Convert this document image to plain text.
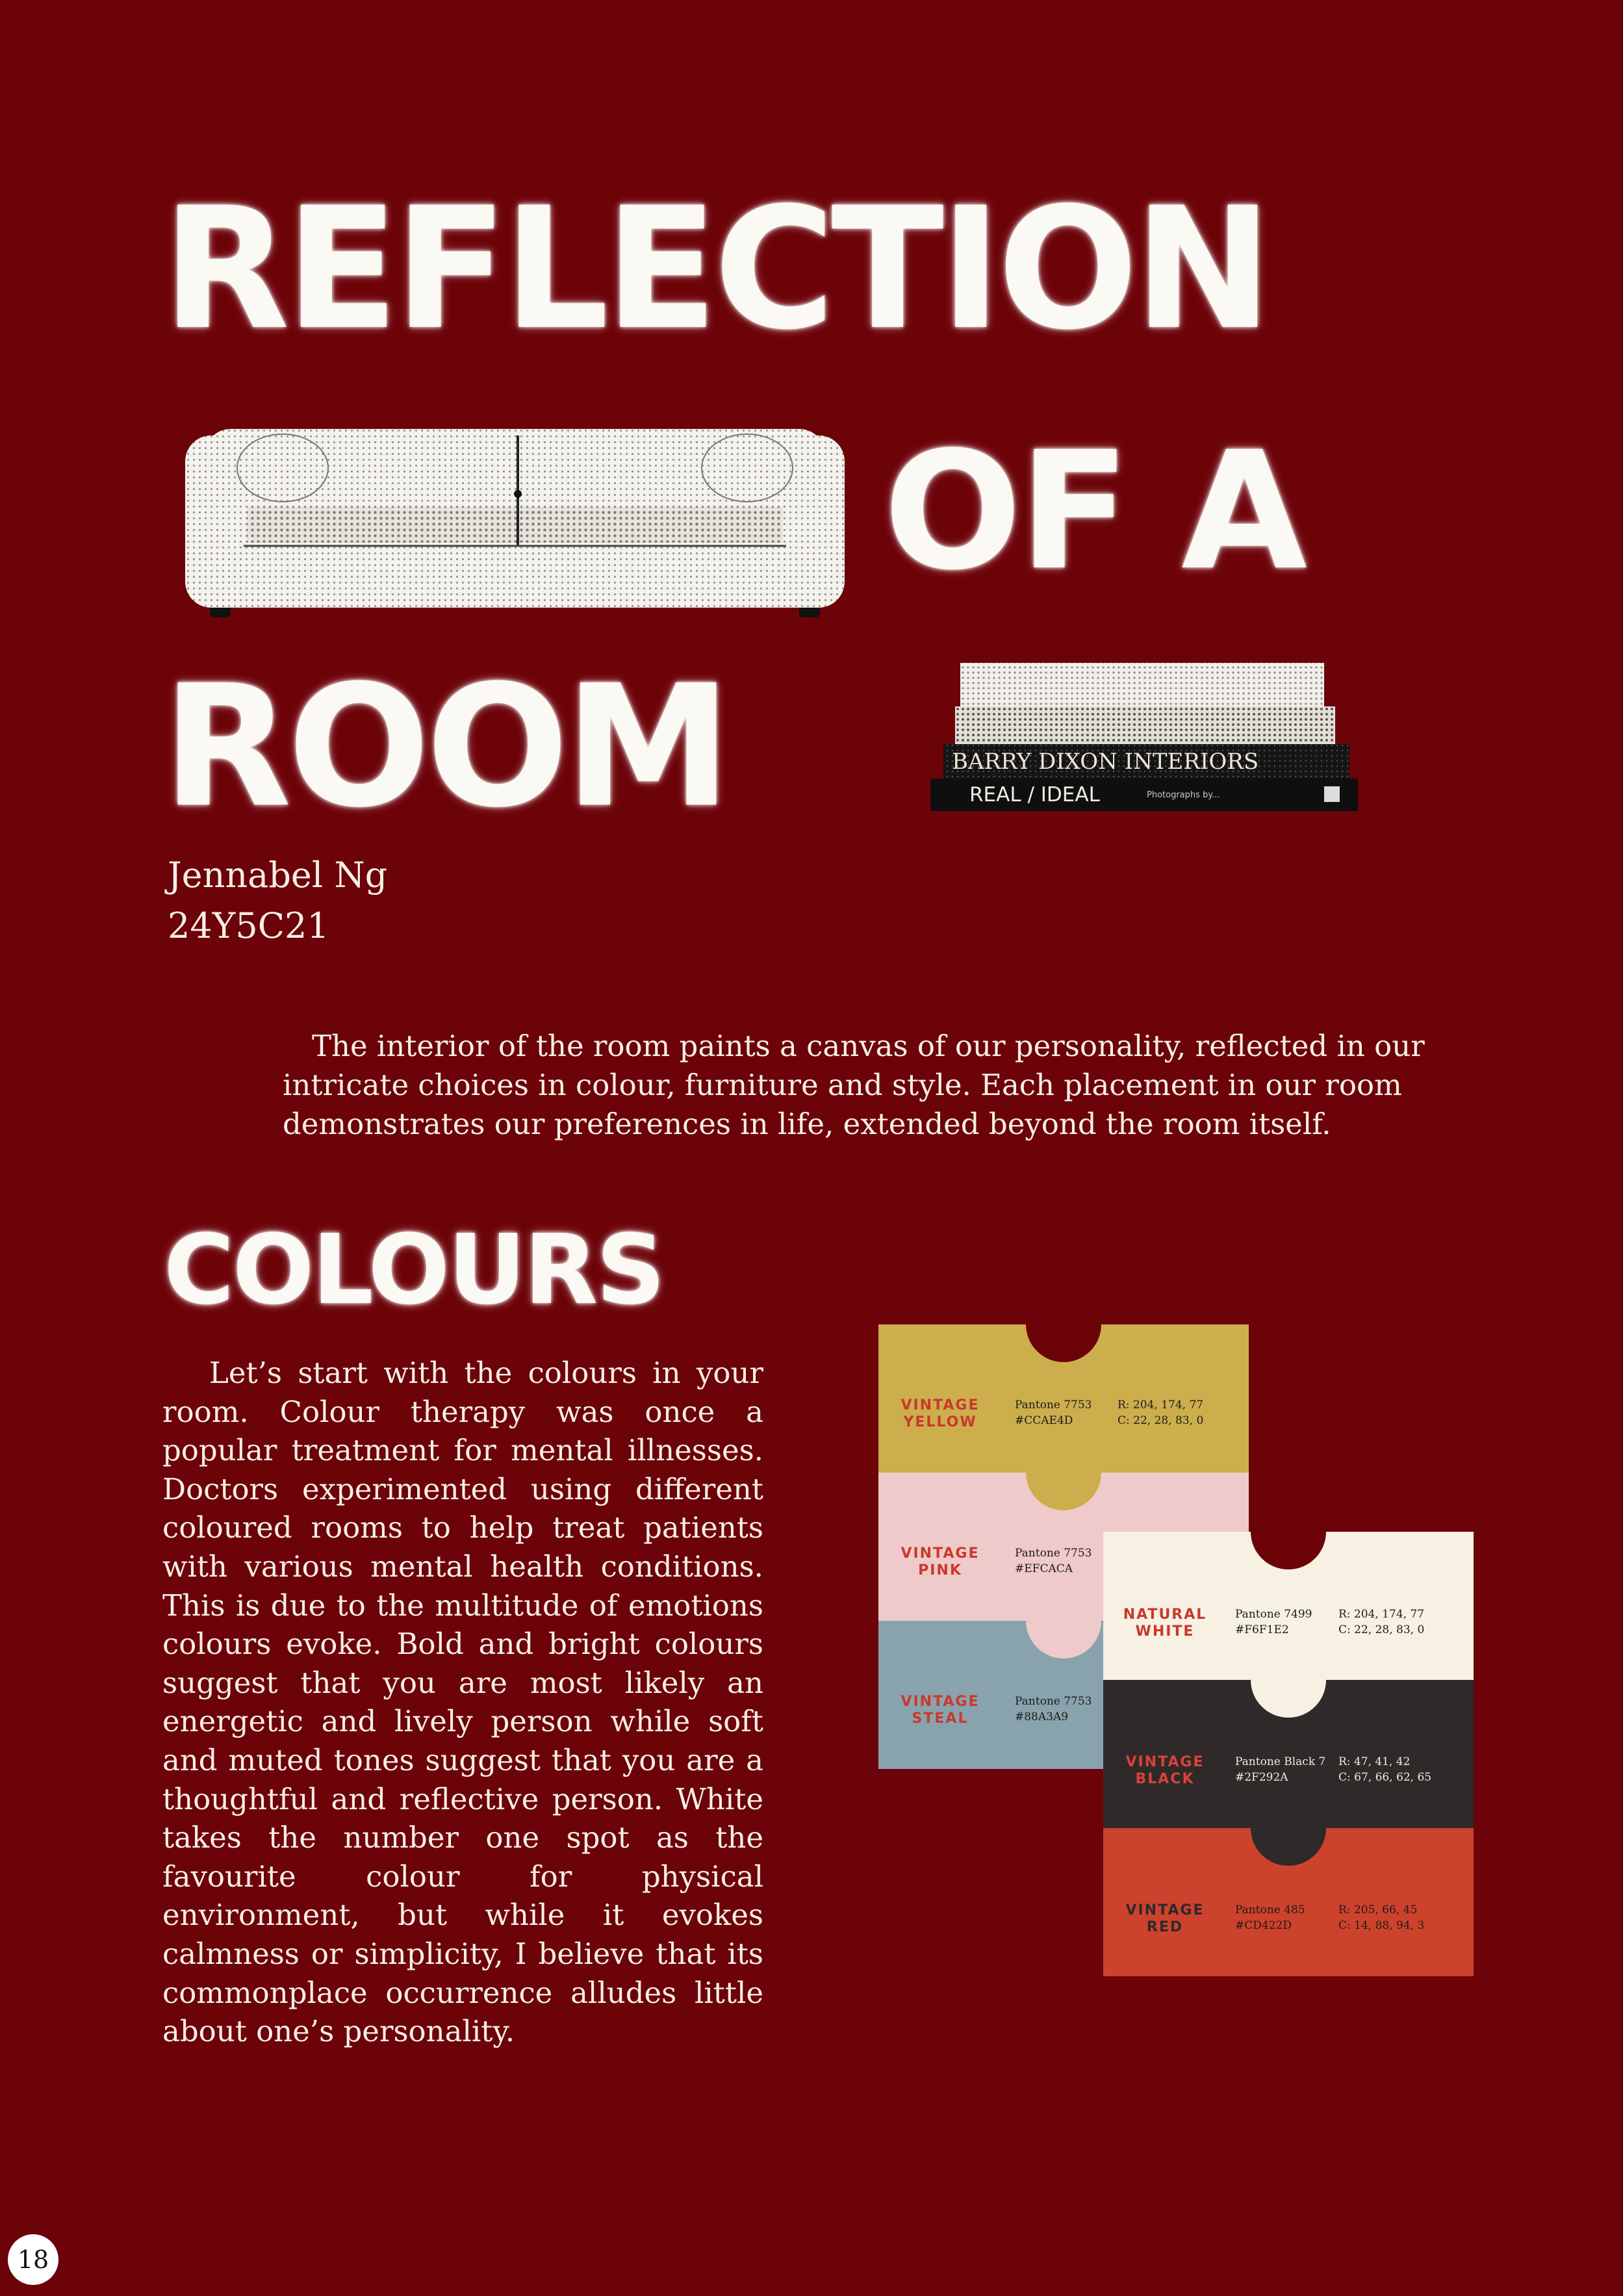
REFLECTION
OF A
ROOM	BARRY DIXON INTERIORS
REAL / IDEAL	Photographs by...
Jennabel Ng
24Y5C21

The interior of the room paints a canvas of our personality, reflected in our intricate choices in colour, furniture and style. Each placement in our room demonstrates our preferences in life, extended beyond the room itself.

COLOURS

Let’s start with the colours in your room. Colour therapy was once a popular treatment for mental illnesses. Doctors experimented using different coloured rooms to help treat patients with various mental health conditions. This is due to the multitude of emotions colours evoke. Bold and bright colours suggest that you are most likely an energetic and lively person while soft and muted tones suggest that you are a thoughtful and reflective person. White takes the number one spot as the favourite colour for physical environment, but while it evokes calmness or simplicity, I believe that its commonplace occurrence alludes little about one’s personality.

VINTAGE
YELLOW
Pantone 7753
#CCAE4D
R: 204, 174, 77
C: 22, 28, 83, 0
VINTAGE
PINK
Pantone 7753
#EFCACA
VINTAGE
STEAL
Pantone 7753
#88A3A9
NATURAL
WHITE
Pantone 7499
#F6F1E2
R: 204, 174, 77
C: 22, 28, 83, 0
VINTAGE
BLACK
Pantone Black 7
#2F292A
R: 47, 41, 42
C: 67, 66, 62, 65
VINTAGE
RED
Pantone 485
#CD422D
R: 205, 66, 45
C: 14, 88, 94, 3
18
